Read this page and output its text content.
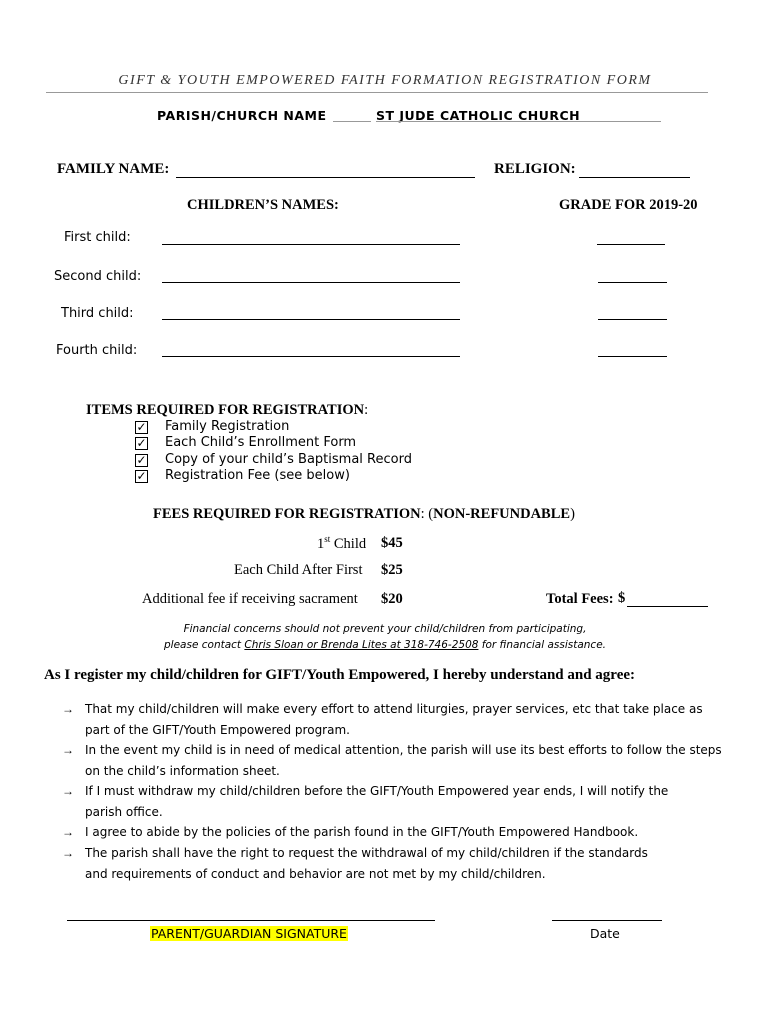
GIFT & YOUTH EMPOWERED FAITH FORMATION REGISTRATION FORM
PARISH/CHURCH NAME	ST JUDE CATHOLIC CHURCH
FAMILY NAME:	RELIGION:
CHILDREN’S NAMES:	GRADE FOR 2019-20
First child:
Second child:
Third child:
Fourth child:
ITEMS REQUIRED FOR REGISTRATION:
✓ Family Registration
✓ Each Child’s Enrollment Form
✓ Copy of your child’s Baptismal Record
✓ Registration Fee (see below)
FEES REQUIRED FOR REGISTRATION: (NON-REFUNDABLE)
1st Child $45
Each Child After First $25
Additional fee if receiving sacrament $20	Total Fees: $
Financial concerns should not prevent your child/children from participating,
please contact Chris Sloan or Brenda Lites at 318-746-2508 for financial assistance.
As I register my child/children for GIFT/Youth Empowered, I hereby understand and agree:
→ That my child/children will make every effort to attend liturgies, prayer services, etc that take place as part of the GIFT/Youth Empowered program.
→ In the event my child is in need of medical attention, the parish will use its best efforts to follow the steps on the child’s information sheet.
→ If I must withdraw my child/children before the GIFT/Youth Empowered year ends, I will notify the parish office.
→ I agree to abide by the policies of the parish found in the GIFT/Youth Empowered Handbook.
→ The parish shall have the right to request the withdrawal of my child/children if the standards and requirements of conduct and behavior are not met by my child/children.
PARENT/GUARDIAN SIGNATURE	Date
